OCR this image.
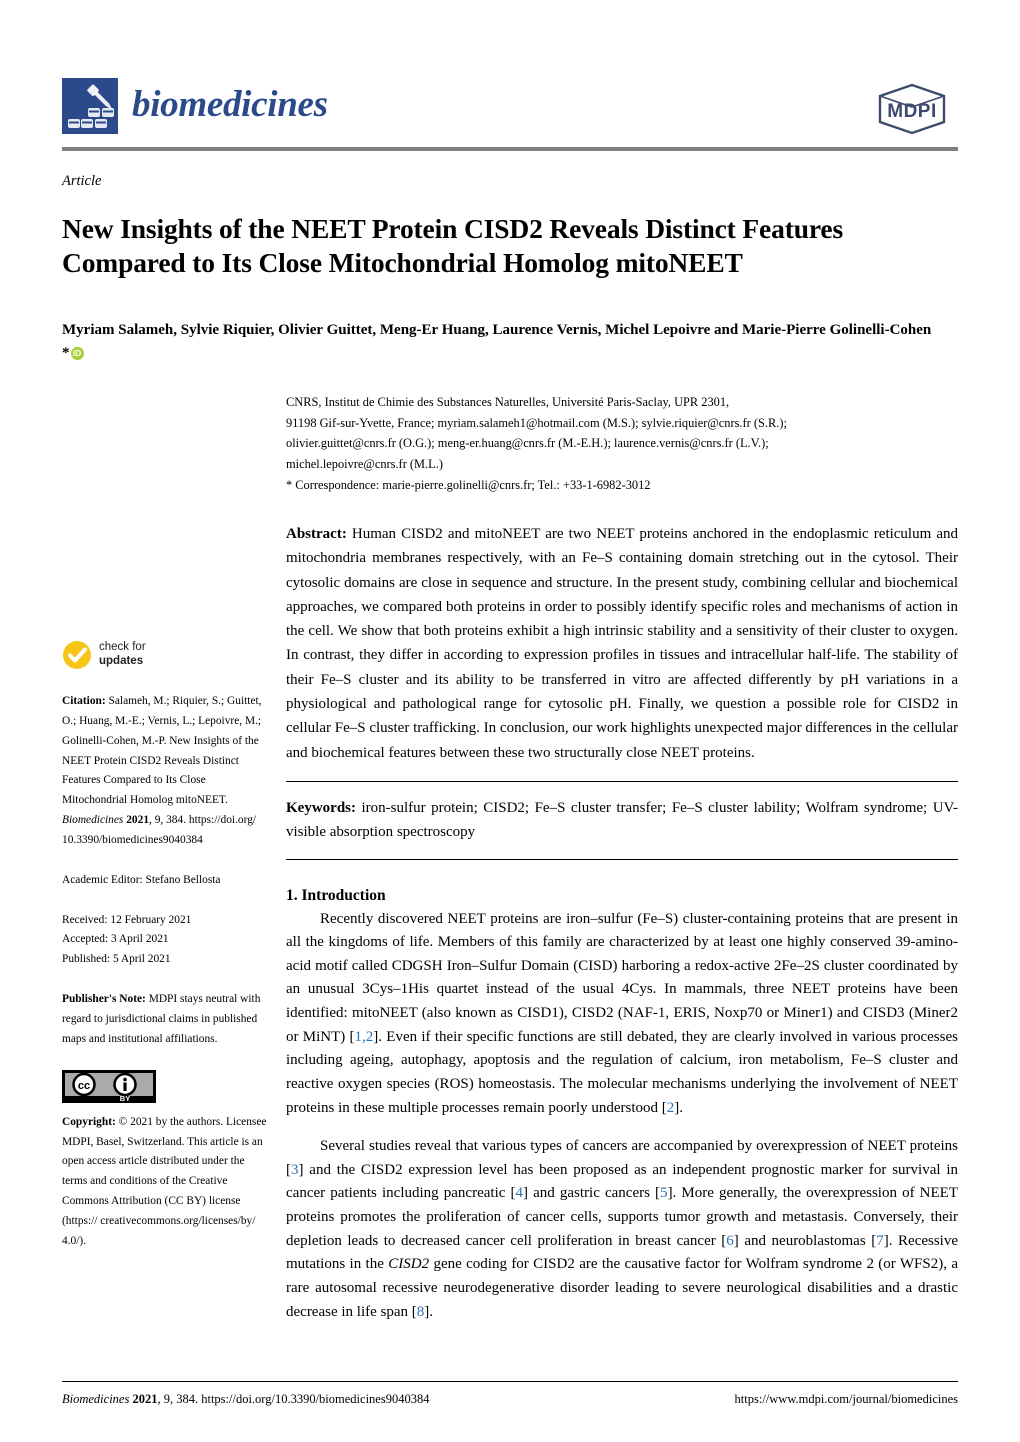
biomedicines	MDPI
Article
New Insights of the NEET Protein CISD2 Reveals Distinct Features Compared to Its Close Mitochondrial Homolog mitoNEET
Myriam Salameh, Sylvie Riquier, Olivier Guittet, Meng-Er Huang, Laurence Vernis, Michel Lepoivre and Marie-Pierre Golinelli-Cohen * iD
check for
updates
Citation: Salameh, M.; Riquier, S.; Guittet, O.; Huang, M.-E.; Vernis, L.; Lepoivre, M.; Golinelli-Cohen, M.-P. New Insights of the NEET Protein CISD2 Reveals Distinct Features Compared to Its Close Mitochondrial Homolog mitoNEET. Biomedicines 2021, 9, 384. https://doi.org/ 10.3390/biomedicines9040384
Academic Editor: Stefano Bellosta
Received: 12 February 2021
Accepted: 3 April 2021
Published: 5 April 2021
Publisher's Note: MDPI stays neutral with regard to jurisdictional claims in published maps and institutional affiliations.
cc
BY
Copyright: © 2021 by the authors. Licensee MDPI, Basel, Switzerland. This article is an open access article distributed under the terms and conditions of the Creative Commons Attribution (CC BY) license (https:// creativecommons.org/licenses/by/ 4.0/).
CNRS, Institut de Chimie des Substances Naturelles, Université Paris-Saclay, UPR 2301,
91198 Gif-sur-Yvette, France; myriam.salameh1@hotmail.com (M.S.); sylvie.riquier@cnrs.fr (S.R.);
olivier.guittet@cnrs.fr (O.G.); meng-er.huang@cnrs.fr (M.-E.H.); laurence.vernis@cnrs.fr (L.V.);
michel.lepoivre@cnrs.fr (M.L.)
* Correspondence: marie-pierre.golinelli@cnrs.fr; Tel.: +33-1-6982-3012
Abstract: Human CISD2 and mitoNEET are two NEET proteins anchored in the endoplasmic reticulum and mitochondria membranes respectively, with an Fe–S containing domain stretching out in the cytosol. Their cytosolic domains are close in sequence and structure. In the present study, combining cellular and biochemical approaches, we compared both proteins in order to possibly identify specific roles and mechanisms of action in the cell. We show that both proteins exhibit a high intrinsic stability and a sensitivity of their cluster to oxygen. In contrast, they differ in according to expression profiles in tissues and intracellular half-life. The stability of their Fe–S cluster and its ability to be transferred in vitro are affected differently by pH variations in a physiological and pathological range for cytosolic pH. Finally, we question a possible role for CISD2 in cellular Fe–S cluster trafficking. In conclusion, our work highlights unexpected major differences in the cellular and biochemical features between these two structurally close NEET proteins.
Keywords: iron-sulfur protein; CISD2; Fe–S cluster transfer; Fe–S cluster lability; Wolfram syndrome; UV-visible absorption spectroscopy
1. Introduction

Recently discovered NEET proteins are iron–sulfur (Fe–S) cluster-containing proteins that are present in all the kingdoms of life. Members of this family are characterized by at least one highly conserved 39-amino-acid motif called CDGSH Iron–Sulfur Domain (CISD) harboring a redox-active 2Fe–2S cluster coordinated by an unusual 3Cys–1His quartet instead of the usual 4Cys. In mammals, three NEET proteins have been identified: mitoNEET (also known as CISD1), CISD2 (NAF-1, ERIS, Noxp70 or Miner1) and CISD3 (Miner2 or MiNT) [1,2]. Even if their specific functions are still debated, they are clearly involved in various processes including ageing, autophagy, apoptosis and the regulation of calcium, iron metabolism, Fe–S cluster and reactive oxygen species (ROS) homeostasis. The molecular mechanisms underlying the involvement of NEET proteins in these multiple processes remain poorly understood [2].

Several studies reveal that various types of cancers are accompanied by overexpression of NEET proteins [3] and the CISD2 expression level has been proposed as an independent prognostic marker for survival in cancer patients including pancreatic [4] and gastric cancers [5]. More generally, the overexpression of NEET proteins promotes the proliferation of cancer cells, supports tumor growth and metastasis. Conversely, their depletion leads to decreased cancer cell proliferation in breast cancer [6] and neuroblastomas [7]. Recessive mutations in the CISD2 gene coding for CISD2 are the causative factor for Wolfram syndrome 2 (or WFS2), a rare autosomal recessive neurodegenerative disorder leading to severe neurological disabilities and a drastic decrease in life span [8].

Biomedicines 2021, 9, 384. https://doi.org/10.3390/biomedicines9040384	https://www.mdpi.com/journal/biomedicines
